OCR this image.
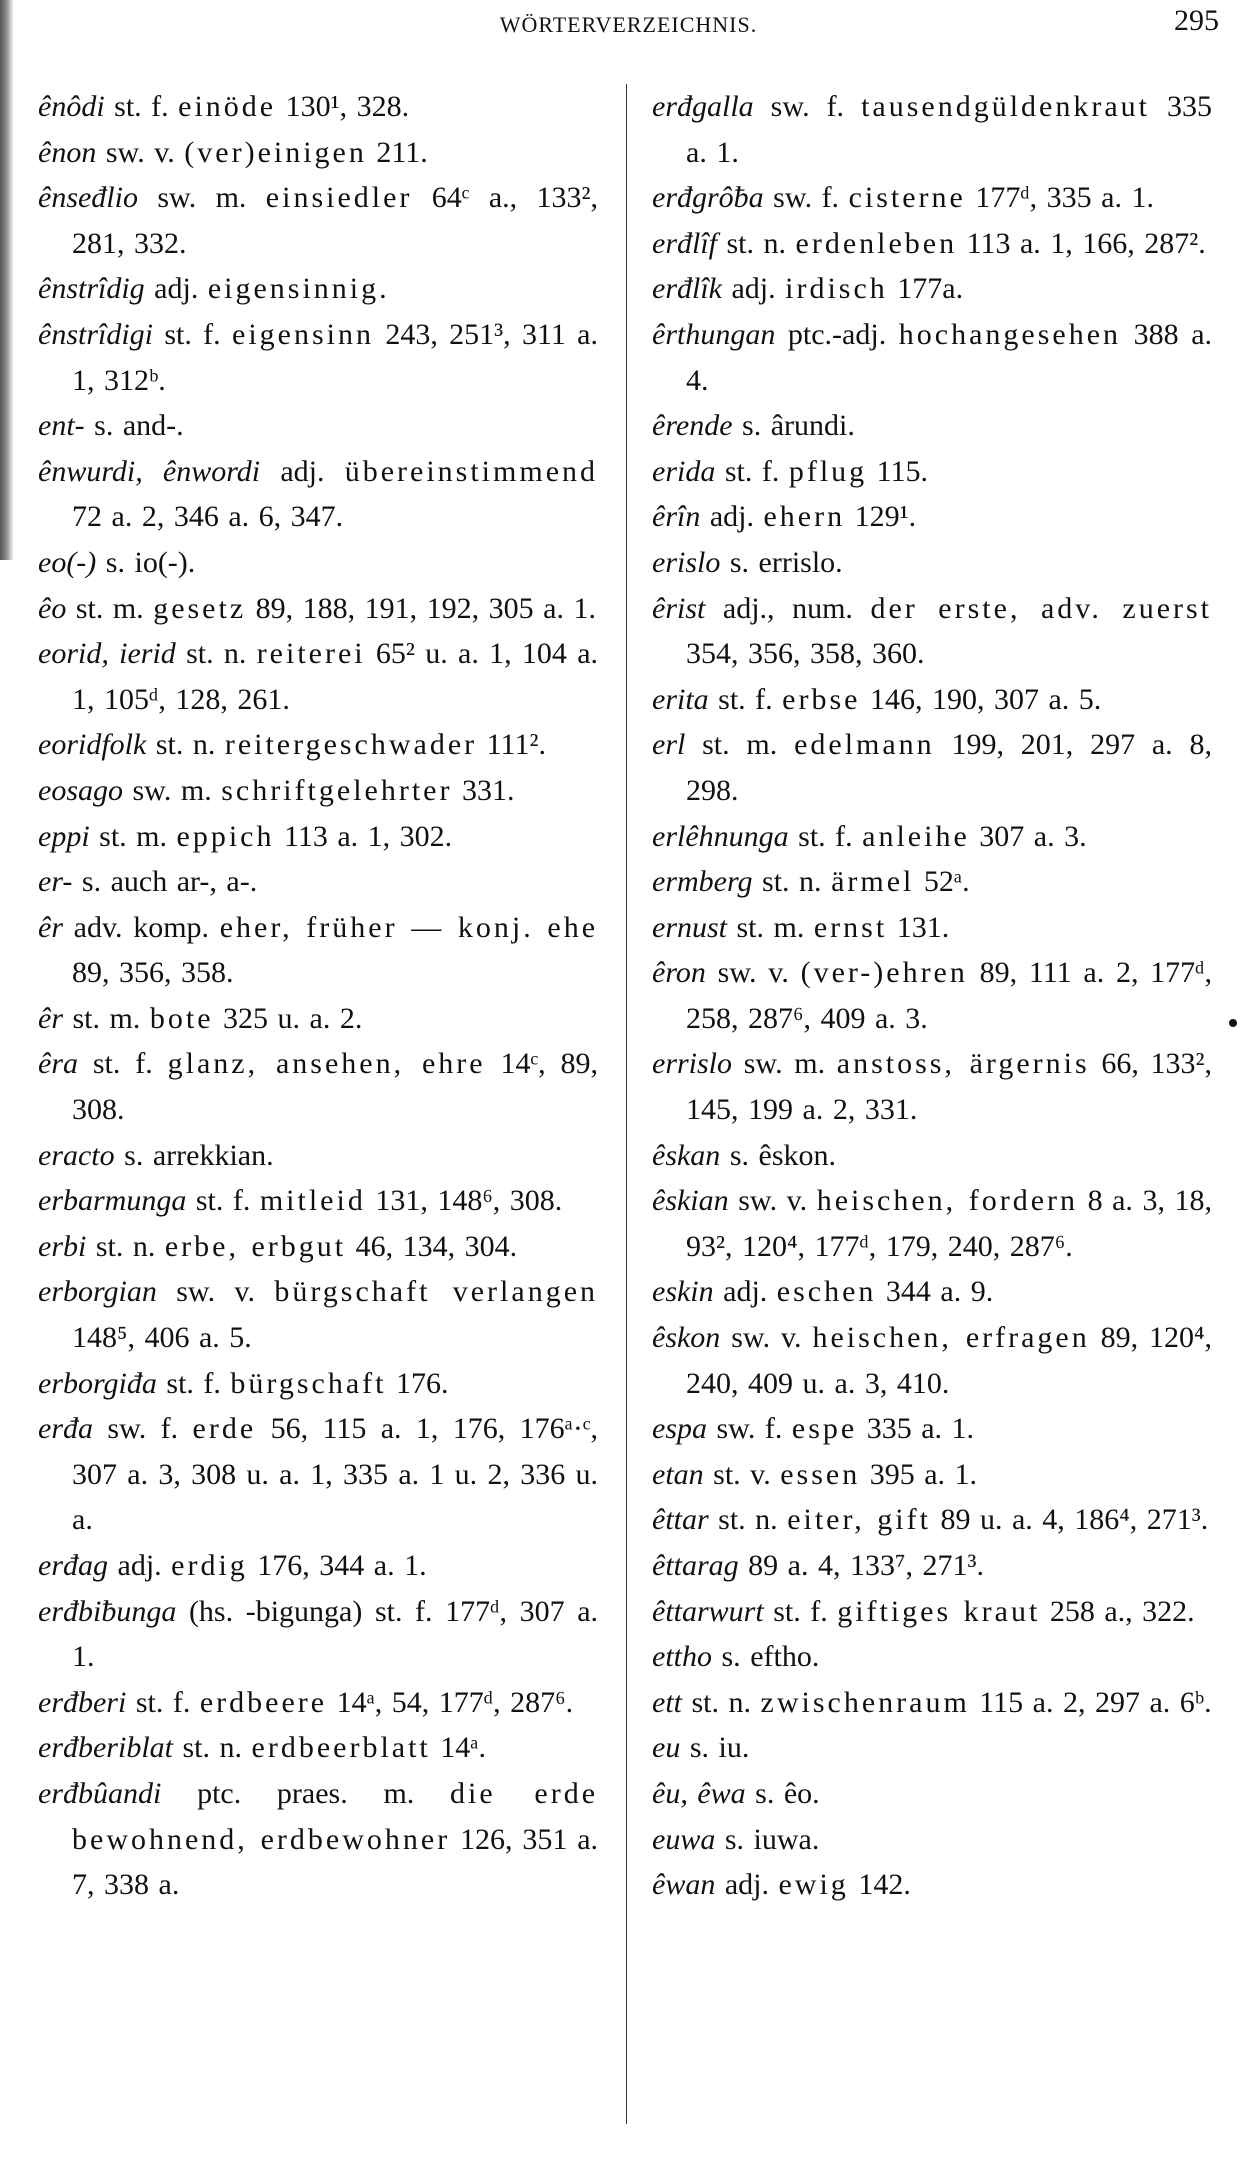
WÖRTERVERZEICHNIS.	295
ênôdi st. f. einöde 130¹, 328.
ênon sw. v. (ver)einigen 211.
ênseđlio sw. m. einsiedler 64ᶜ a., 133², 281, 332.
ênstrîdig adj. eigensinnig.
ênstrîdigi st. f. eigensinn 243, 251³, 311 a. 1, 312ᵇ.
ent- s. and-.
ênwurdi, ênwordi adj. übereinstimmend 72 a. 2, 346 a. 6, 347.
eo(-) s. io(-).
êo st. m. gesetz 89, 188, 191, 192, 305 a. 1.
eorid, ierid st. n. reiterei 65² u. a. 1, 104 a. 1, 105ᵈ, 128, 261.
eoridfolk st. n. reitergeschwader 111².
eosago sw. m. schriftgelehrter 331.
eppi st. m. eppich 113 a. 1, 302.
er- s. auch ar-, a-.
êr adv. komp. eher, früher — konj. ehe 89, 356, 358.
êr st. m. bote 325 u. a. 2.
êra st. f. glanz, ansehen, ehre 14ᶜ, 89, 308.
eracto s. arrekkian.
erbarmunga st. f. mitleid 131, 148⁶, 308.
erbi st. n. erbe, erbgut 46, 134, 304.
erborgian sw. v. bürgschaft verlangen 148⁵, 406 a. 5.
erborgiđa st. f. bürgschaft 176.
erđa sw. f. erde 56, 115 a. 1, 176, 176ᵃ·ᶜ, 307 a. 3, 308 u. a. 1, 335 a. 1 u. 2, 336 u. a.
erđag adj. erdig 176, 344 a. 1.
erđbiƀunga (hs. -bigunga) st. f. 177ᵈ, 307 a. 1.
erđberi st. f. erdbeere 14ᵃ, 54, 177ᵈ, 287⁶.
erđberiblat st. n. erdbeerblatt 14ᵃ.
erđbûandi ptc. praes. m. die erde bewohnend, erdbewohner 126, 351 a. 7, 338 a.
erđgalla sw. f. tausendgüldenkraut 335 a. 1.
erđgrôƀa sw. f. cisterne 177ᵈ, 335 a. 1.
erđlîf st. n. erdenleben 113 a. 1, 166, 287².
erđlîk adj. irdisch 177a.
êrthungan ptc.-adj. hochangesehen 388 a. 4.
êrende s. ârundi.
erida st. f. pflug 115.
êrîn adj. ehern 129¹.
erislo s. errislo.
êrist adj., num. der erste, adv. zuerst 354, 356, 358, 360.
erita st. f. erbse 146, 190, 307 a. 5.
erl st. m. edelmann 199, 201, 297 a. 8, 298.
erlêhnunga st. f. anleihe 307 a. 3.
ermberg st. n. ärmel 52ᵃ.
ernust st. m. ernst 131.
êron sw. v. (ver-)ehren 89, 111 a. 2, 177ᵈ, 258, 287⁶, 409 a. 3.
errislo sw. m. anstoss, ärgernis 66, 133², 145, 199 a. 2, 331.
êskan s. êskon.
êskian sw. v. heischen, fordern 8 a. 3, 18, 93², 120⁴, 177ᵈ, 179, 240, 287⁶.
eskin adj. eschen 344 a. 9.
êskon sw. v. heischen, erfragen 89, 120⁴, 240, 409 u. a. 3, 410.
espa sw. f. espe 335 a. 1.
etan st. v. essen 395 a. 1.
êttar st. n. eiter, gift 89 u. a. 4, 186⁴, 271³.
êttarag 89 a. 4, 133⁷, 271³.
êttarwurt st. f. giftiges kraut 258 a., 322.
ettho s. eftho.
ett st. n. zwischenraum 115 a. 2, 297 a. 6ᵇ.
eu s. iu.
êu, êwa s. êo.
euwa s. iuwa.
êwan adj. ewig 142.
